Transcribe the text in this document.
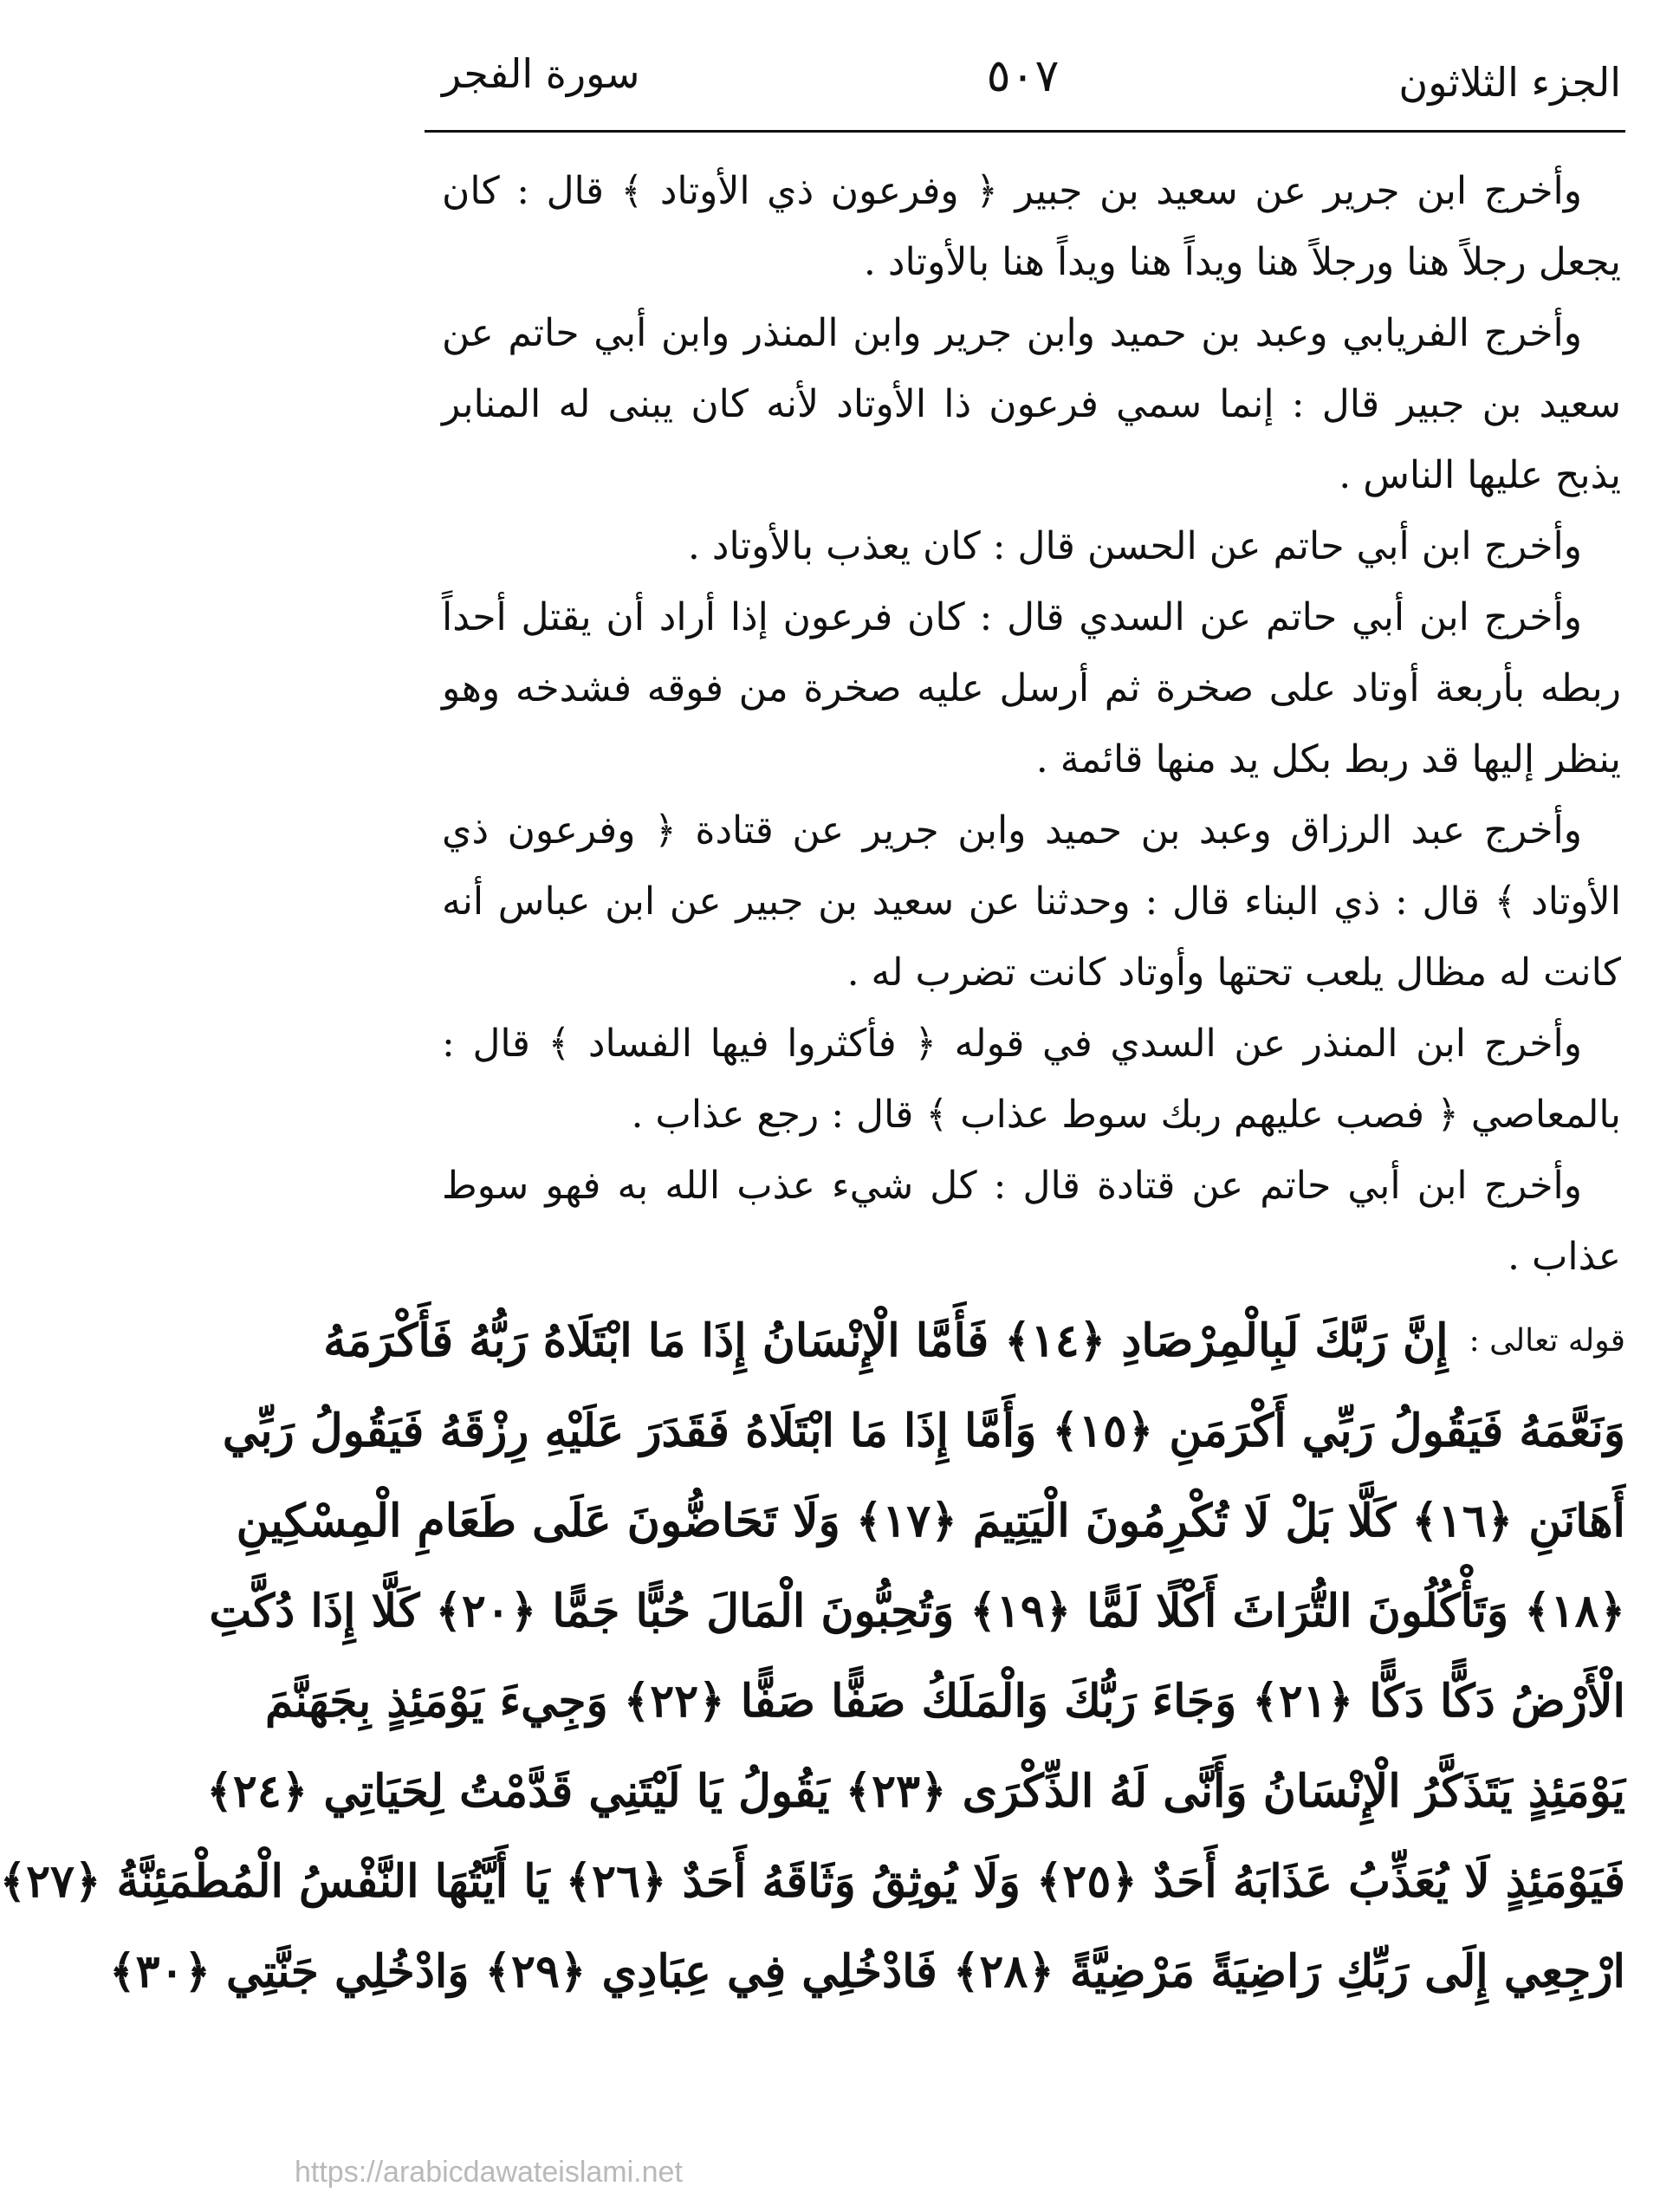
الجزء الثلاثون
٥٠٧
سورة الفجر

وأخرج ابن جرير عن سعيد بن جبير ﴿ وفرعون ذي الأوتاد ﴾ قال : كان يجعل رجلاً هنا ورجلاً هنا ويداً هنا ويداً هنا بالأوتاد .

وأخرج الفريابي وعبد بن حميد وابن جرير وابن المنذر وابن أبي حاتم عن سعيد بن جبير قال : إنما سمي فرعون ذا الأوتاد لأنه كان يبنى له المنابر يذبح عليها الناس .

وأخرج ابن أبي حاتم عن الحسن قال : كان يعذب بالأوتاد .

وأخرج ابن أبي حاتم عن السدي قال : كان فرعون إذا أراد أن يقتل أحداً ربطه بأربعة أوتاد على صخرة ثم أرسل عليه صخرة من فوقه فشدخه وهو ينظر إليها قد ربط بكل يد منها قائمة .

وأخرج عبد الرزاق وعبد بن حميد وابن جرير عن قتادة ﴿ وفرعون ذي الأوتاد ﴾ قال : ذي البناء قال : وحدثنا عن سعيد بن جبير عن ابن عباس أنه كانت له مظال يلعب تحتها وأوتاد كانت تضرب له .

وأخرج ابن المنذر عن السدي في قوله ﴿ فأكثروا فيها الفساد ﴾ قال : بالمعاصي ﴿ فصب عليهم ربك سوط عذاب ﴾ قال : رجع عذاب .

وأخرج ابن أبي حاتم عن قتادة قال : كل شيء عذب الله به فهو سوط عذاب .

قوله تعالى :
إِنَّ رَبَّكَ لَبِالْمِرْصَادِ ﴿١٤﴾ فَأَمَّا الْإِنْسَانُ إِذَا مَا ابْتَلَاهُ رَبُّهُ فَأَكْرَمَهُ
وَنَعَّمَهُ فَيَقُولُ رَبِّي أَكْرَمَنِ ﴿١٥﴾ وَأَمَّا إِذَا مَا ابْتَلَاهُ فَقَدَرَ عَلَيْهِ رِزْقَهُ فَيَقُولُ رَبِّي
أَهَانَنِ ﴿١٦﴾ كَلَّا بَلْ لَا تُكْرِمُونَ الْيَتِيمَ ﴿١٧﴾ وَلَا تَحَاضُّونَ عَلَى طَعَامِ الْمِسْكِينِ
﴿١٨﴾ وَتَأْكُلُونَ التُّرَاثَ أَكْلًا لَمًّا ﴿١٩﴾ وَتُحِبُّونَ الْمَالَ حُبًّا جَمًّا ﴿٢٠﴾ كَلَّا إِذَا دُكَّتِ
الْأَرْضُ دَكًّا دَكًّا ﴿٢١﴾ وَجَاءَ رَبُّكَ وَالْمَلَكُ صَفًّا صَفًّا ﴿٢٢﴾ وَجِيءَ يَوْمَئِذٍ بِجَهَنَّمَ
يَوْمَئِذٍ يَتَذَكَّرُ الْإِنْسَانُ وَأَنَّى لَهُ الذِّكْرَى ﴿٢٣﴾ يَقُولُ يَا لَيْتَنِي قَدَّمْتُ لِحَيَاتِي ﴿٢٤﴾
فَيَوْمَئِذٍ لَا يُعَذِّبُ عَذَابَهُ أَحَدٌ ﴿٢٥﴾ وَلَا يُوثِقُ وَثَاقَهُ أَحَدٌ ﴿٢٦﴾ يَا أَيَّتُهَا النَّفْسُ الْمُطْمَئِنَّةُ ﴿٢٧﴾
ارْجِعِي إِلَى رَبِّكِ رَاضِيَةً مَرْضِيَّةً ﴿٢٨﴾ فَادْخُلِي فِي عِبَادِي ﴿٢٩﴾ وَادْخُلِي جَنَّتِي ﴿٣٠﴾
https://arabicdawateislami.net
